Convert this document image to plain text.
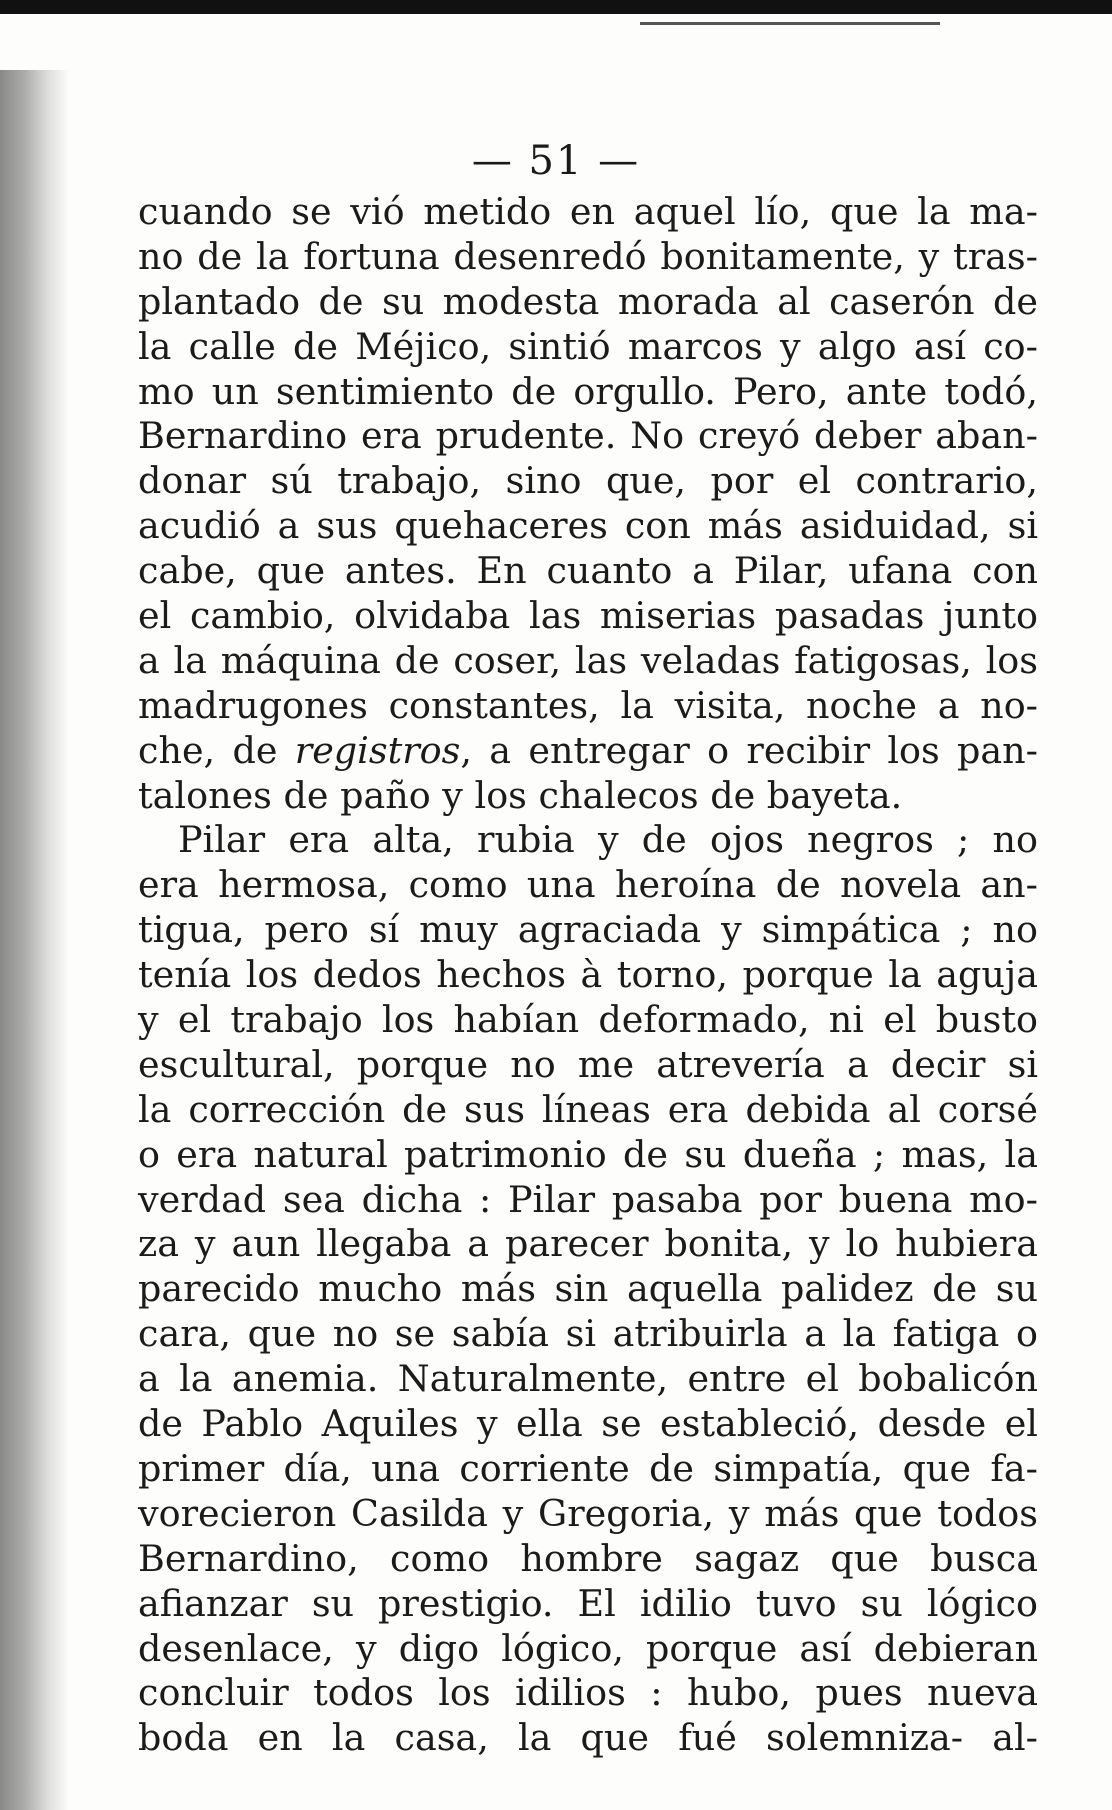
— 51 —
cuando se vió metido en aquel lío, que la ma-
no de la fortuna desenredó bonitamente, y tras-
plantado de su modesta morada al caserón de
la calle de Méjico, sintió marcos y algo así co-
mo un sentimiento de orgullo. Pero, ante todó,
Bernardino era prudente. No creyó deber aban-
donar sú trabajo, sino que, por el contrario,
acudió a sus quehaceres con más asiduidad, si
cabe, que antes. En cuanto a Pilar, ufana con
el cambio, olvidaba las miserias pasadas junto
a la máquina de coser, las veladas fatigosas, los
madrugones constantes, la visita, noche a no-
che, de registros, a entregar o recibir los pan-
talones de paño y los chalecos de bayeta.
Pilar era alta, rubia y de ojos negros ; no
era hermosa, como una heroína de novela an-
tigua, pero sí muy agraciada y simpática ; no
tenía los dedos hechos à torno, porque la aguja
y el trabajo los habían deformado, ni el busto
escultural, porque no me atrevería a decir si
la corrección de sus líneas era debida al corsé
o era natural patrimonio de su dueña ; mas, la
verdad sea dicha : Pilar pasaba por buena mo-
za y aun llegaba a parecer bonita, y lo hubiera
parecido mucho más sin aquella palidez de su
cara, que no se sabía si atribuirla a la fatiga o
a la anemia. Naturalmente, entre el bobalicón
de Pablo Aquiles y ella se estableció, desde el
primer día, una corriente de simpatía, que fa-
vorecieron Casilda y Gregoria, y más que todos
Bernardino, como hombre sagaz que busca
afianzar su prestigio. El idilio tuvo su lógico
desenlace, y digo lógico, porque así debieran
concluir todos los idilios : hubo, pues nueva
boda en la casa, la que fué solemniza- al-
